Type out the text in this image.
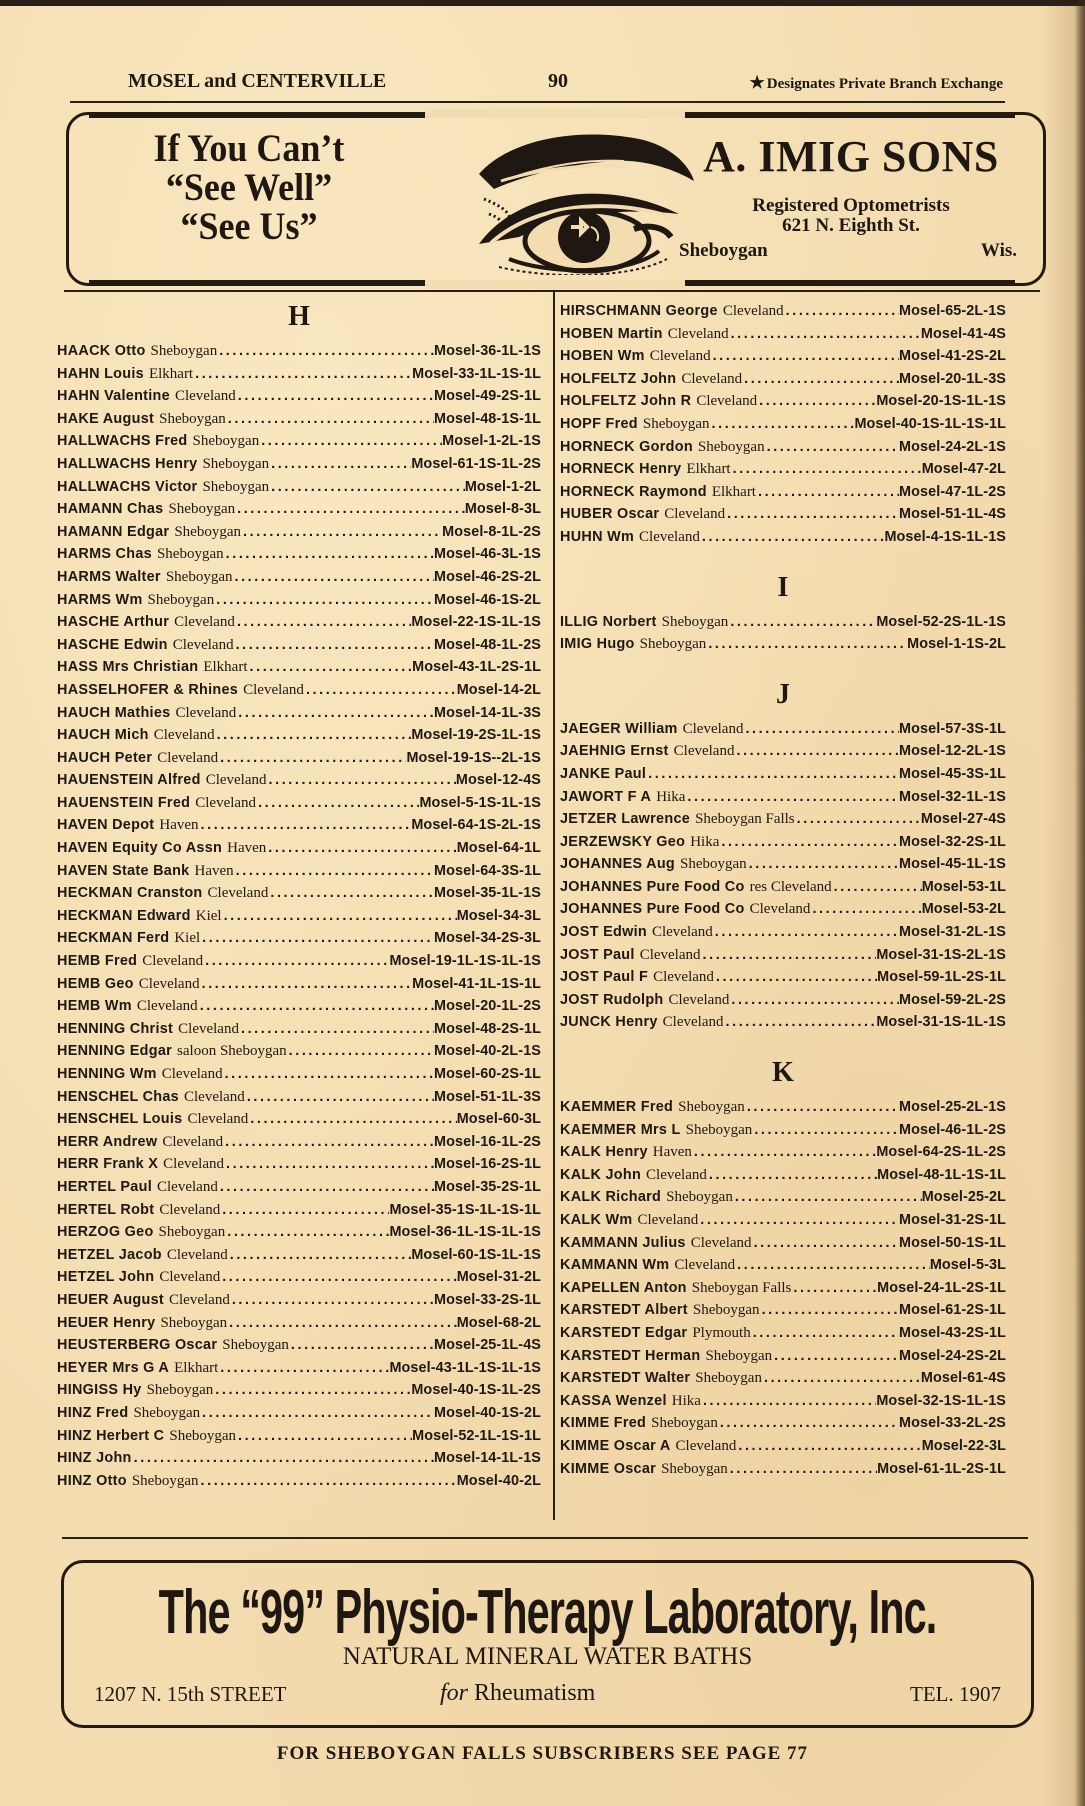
MOSEL and CENTERVILLE	90	★ Designates Private Branch Exchange
If You Can’t
“See Well”
“See Us”
A. IMIG SONS
Registered Optometrists
621 N. Eighth St.
Sheboygan	Wis.
H
HAACK Otto Sheboygan .....	Mosel-36-1L-1S
HAHN Louis Elkhart .....	Mosel-33-1L-1S-1L
HAHN Valentine Cleveland .....	Mosel-49-2S-1L
HAKE August Sheboygan .....	Mosel-48-1S-1L
HALLWACHS Fred Sheboygan .....	Mosel-1-2L-1S
HALLWACHS Henry Sheboygan .....	Mosel-61-1S-1L-2S
HALLWACHS Victor Sheboygan .....	Mosel-1-2L
HAMANN Chas Sheboygan .....	Mosel-8-3L
HAMANN Edgar Sheboygan .....	Mosel-8-1L-2S
HARMS Chas Sheboygan .....	Mosel-46-3L-1S
HARMS Walter Sheboygan .....	Mosel-46-2S-2L
HARMS Wm Sheboygan .....	Mosel-46-1S-2L
HASCHE Arthur Cleveland .....	Mosel-22-1S-1L-1S
HASCHE Edwin Cleveland .....	Mosel-48-1L-2S
HASS Mrs Christian Elkhart .....	Mosel-43-1L-2S-1L
HASSELHOFER & Rhines Cleveland .....	Mosel-14-2L
HAUCH Mathies Cleveland .....	Mosel-14-1L-3S
HAUCH Mich Cleveland .....	Mosel-19-2S-1L-1S
HAUCH Peter Cleveland .....	Mosel-19-1S--2L-1S
HAUENSTEIN Alfred Cleveland .....	Mosel-12-4S
HAUENSTEIN Fred Cleveland .....	Mosel-5-1S-1L-1S
HAVEN Depot Haven .....	Mosel-64-1S-2L-1S
HAVEN Equity Co Assn Haven .....	Mosel-64-1L
HAVEN State Bank Haven .....	Mosel-64-3S-1L
HECKMAN Cranston Cleveland .....	Mosel-35-1L-1S
HECKMAN Edward Kiel .....	Mosel-34-3L
HECKMAN Ferd Kiel .....	Mosel-34-2S-3L
HEMB Fred Cleveland .....	Mosel-19-1L-1S-1L-1S
HEMB Geo Cleveland .....	Mosel-41-1L-1S-1L
HEMB Wm Cleveland .....	Mosel-20-1L-2S
HENNING Christ Cleveland .....	Mosel-48-2S-1L
HENNING Edgar saloon Sheboygan .....	Mosel-40-2L-1S
HENNING Wm Cleveland .....	Mosel-60-2S-1L
HENSCHEL Chas Cleveland .....	Mosel-51-1L-3S
HENSCHEL Louis Cleveland .....	Mosel-60-3L
HERR Andrew Cleveland .....	Mosel-16-1L-2S
HERR Frank X Cleveland .....	Mosel-16-2S-1L
HERTEL Paul Cleveland .....	Mosel-35-2S-1L
HERTEL Robt Cleveland .....	Mosel-35-1S-1L-1S-1L
HERZOG Geo Sheboygan .....	Mosel-36-1L-1S-1L-1S
HETZEL Jacob Cleveland .....	Mosel-60-1S-1L-1S
HETZEL John Cleveland .....	Mosel-31-2L
HEUER August Cleveland .....	Mosel-33-2S-1L
HEUER Henry Sheboygan .....	Mosel-68-2L
HEUSTERBERG Oscar Sheboygan .....	Mosel-25-1L-4S
HEYER Mrs G A Elkhart .....	Mosel-43-1L-1S-1L-1S
HINGISS Hy Sheboygan .....	Mosel-40-1S-1L-2S
HINZ Fred Sheboygan .....	Mosel-40-1S-2L
HINZ Herbert C Sheboygan .....	Mosel-52-1L-1S-1L
HINZ John .....	Mosel-14-1L-1S
HINZ Otto Sheboygan .....	Mosel-40-2L
HIRSCHMANN George Cleveland .....	Mosel-65-2L-1S
HOBEN Martin Cleveland .....	Mosel-41-4S
HOBEN Wm Cleveland .....	Mosel-41-2S-2L
HOLFELTZ John Cleveland .....	Mosel-20-1L-3S
HOLFELTZ John R Cleveland .....	Mosel-20-1S-1L-1S
HOPF Fred Sheboygan .....	Mosel-40-1S-1L-1S-1L
HORNECK Gordon Sheboygan .....	Mosel-24-2L-1S
HORNECK Henry Elkhart .....	Mosel-47-2L
HORNECK Raymond Elkhart .....	Mosel-47-1L-2S
HUBER Oscar Cleveland .....	Mosel-51-1L-4S
HUHN Wm Cleveland .....	Mosel-4-1S-1L-1S
I
ILLIG Norbert Sheboygan .....	Mosel-52-2S-1L-1S
IMIG Hugo Sheboygan .....	Mosel-1-1S-2L
J
JAEGER William Cleveland .....	Mosel-57-3S-1L
JAEHNIG Ernst Cleveland .....	Mosel-12-2L-1S
JANKE Paul .....	Mosel-45-3S-1L
JAWORT F A Hika .....	Mosel-32-1L-1S
JETZER Lawrence Sheboygan Falls .....	Mosel-27-4S
JERZEWSKY Geo Hika .....	Mosel-32-2S-1L
JOHANNES Aug Sheboygan .....	Mosel-45-1L-1S
JOHANNES Pure Food Co res Cleveland .....	Mosel-53-1L
JOHANNES Pure Food Co Cleveland .....	Mosel-53-2L
JOST Edwin Cleveland .....	Mosel-31-2L-1S
JOST Paul Cleveland .....	Mosel-31-1S-2L-1S
JOST Paul F Cleveland .....	Mosel-59-1L-2S-1L
JOST Rudolph Cleveland .....	Mosel-59-2L-2S
JUNCK Henry Cleveland .....	Mosel-31-1S-1L-1S
K
KAEMMER Fred Sheboygan .....	Mosel-25-2L-1S
KAEMMER Mrs L Sheboygan .....	Mosel-46-1L-2S
KALK Henry Haven .....	Mosel-64-2S-1L-2S
KALK John Cleveland .....	Mosel-48-1L-1S-1L
KALK Richard Sheboygan .....	Mosel-25-2L
KALK Wm Cleveland .....	Mosel-31-2S-1L
KAMMANN Julius Cleveland .....	Mosel-50-1S-1L
KAMMANN Wm Cleveland .....	Mosel-5-3L
KAPELLEN Anton Sheboygan Falls .....	Mosel-24-1L-2S-1L
KARSTEDT Albert Sheboygan .....	Mosel-61-2S-1L
KARSTEDT Edgar Plymouth .....	Mosel-43-2S-1L
KARSTEDT Herman Sheboygan .....	Mosel-24-2S-2L
KARSTEDT Walter Sheboygan .....	Mosel-61-4S
KASSA Wenzel Hika .....	Mosel-32-1S-1L-1S
KIMME Fred Sheboygan .....	Mosel-33-2L-2S
KIMME Oscar A Cleveland .....	Mosel-22-3L
KIMME Oscar Sheboygan .....	Mosel-61-1L-2S-1L
The “99” Physio-Therapy Laboratory, Inc.
NATURAL MINERAL WATER BATHS
1207 N. 15th STREET	for Rheumatism	TEL. 1907
FOR SHEBOYGAN FALLS SUBSCRIBERS SEE PAGE 77
